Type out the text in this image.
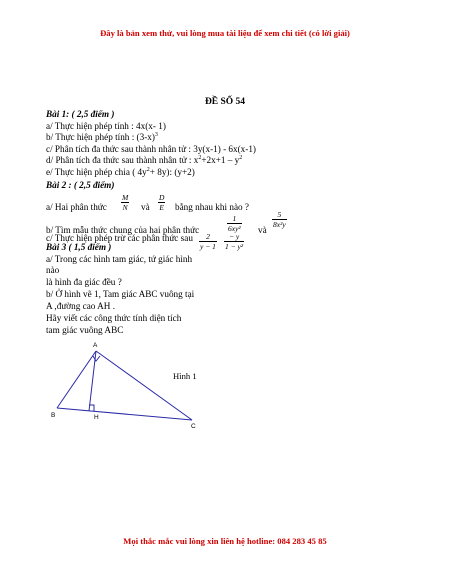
Đây là bản xem thử, vui lòng mua tài liệu để xem chi tiết (có lời giải)
ĐỀ SỐ 54
Bài 1: ( 2,5 điểm )
a/ Thực hiện phép tính : 4x(x- 1)
b/ Thực hiện phép tính : $(3-x)^3$
c/ Phân tích đa thức sau thành nhân tử : 3y(x-1) - 6x(x-1)
d/ Phân tích đa thức sau thành nhân tử : $x^2+2x+1 - y^2$
e/ Thực hiện phép chia ( $4y^2+ 8y$): (y+2)
Bài 2 : ( 2,5 điểm)
a/ Hai phân thức $\frac{M}{N}$ và $\frac{D}{E}$ bằng nhau khi nào ?
b/ Tìm mẫu thức chung của hai phân thức	$\frac{1}{\text{6xy²}}$ và
$\frac{5}{\text{8x²y}}$
$\frac{2}{y - 1} \frac{- y}{\text{1 − y²}}$
c/ Thực hiện phép trừ các phân thức sau
Bài 3 ( 1,5 điểm )
a/ Trong các hình tam giác, tứ giác hình
nào
là hình đa giác đều ?
b/ Ở hình vẽ 1, Tam giác ABC vuông tại
A ,đường cao AH .
Hãy viết các công thức tính diện tích
tam giác vuông ABC
A
B	H
C
Hình 1
Mọi thắc mắc vui lòng xin liên hệ hotline: 084 283 45 85
